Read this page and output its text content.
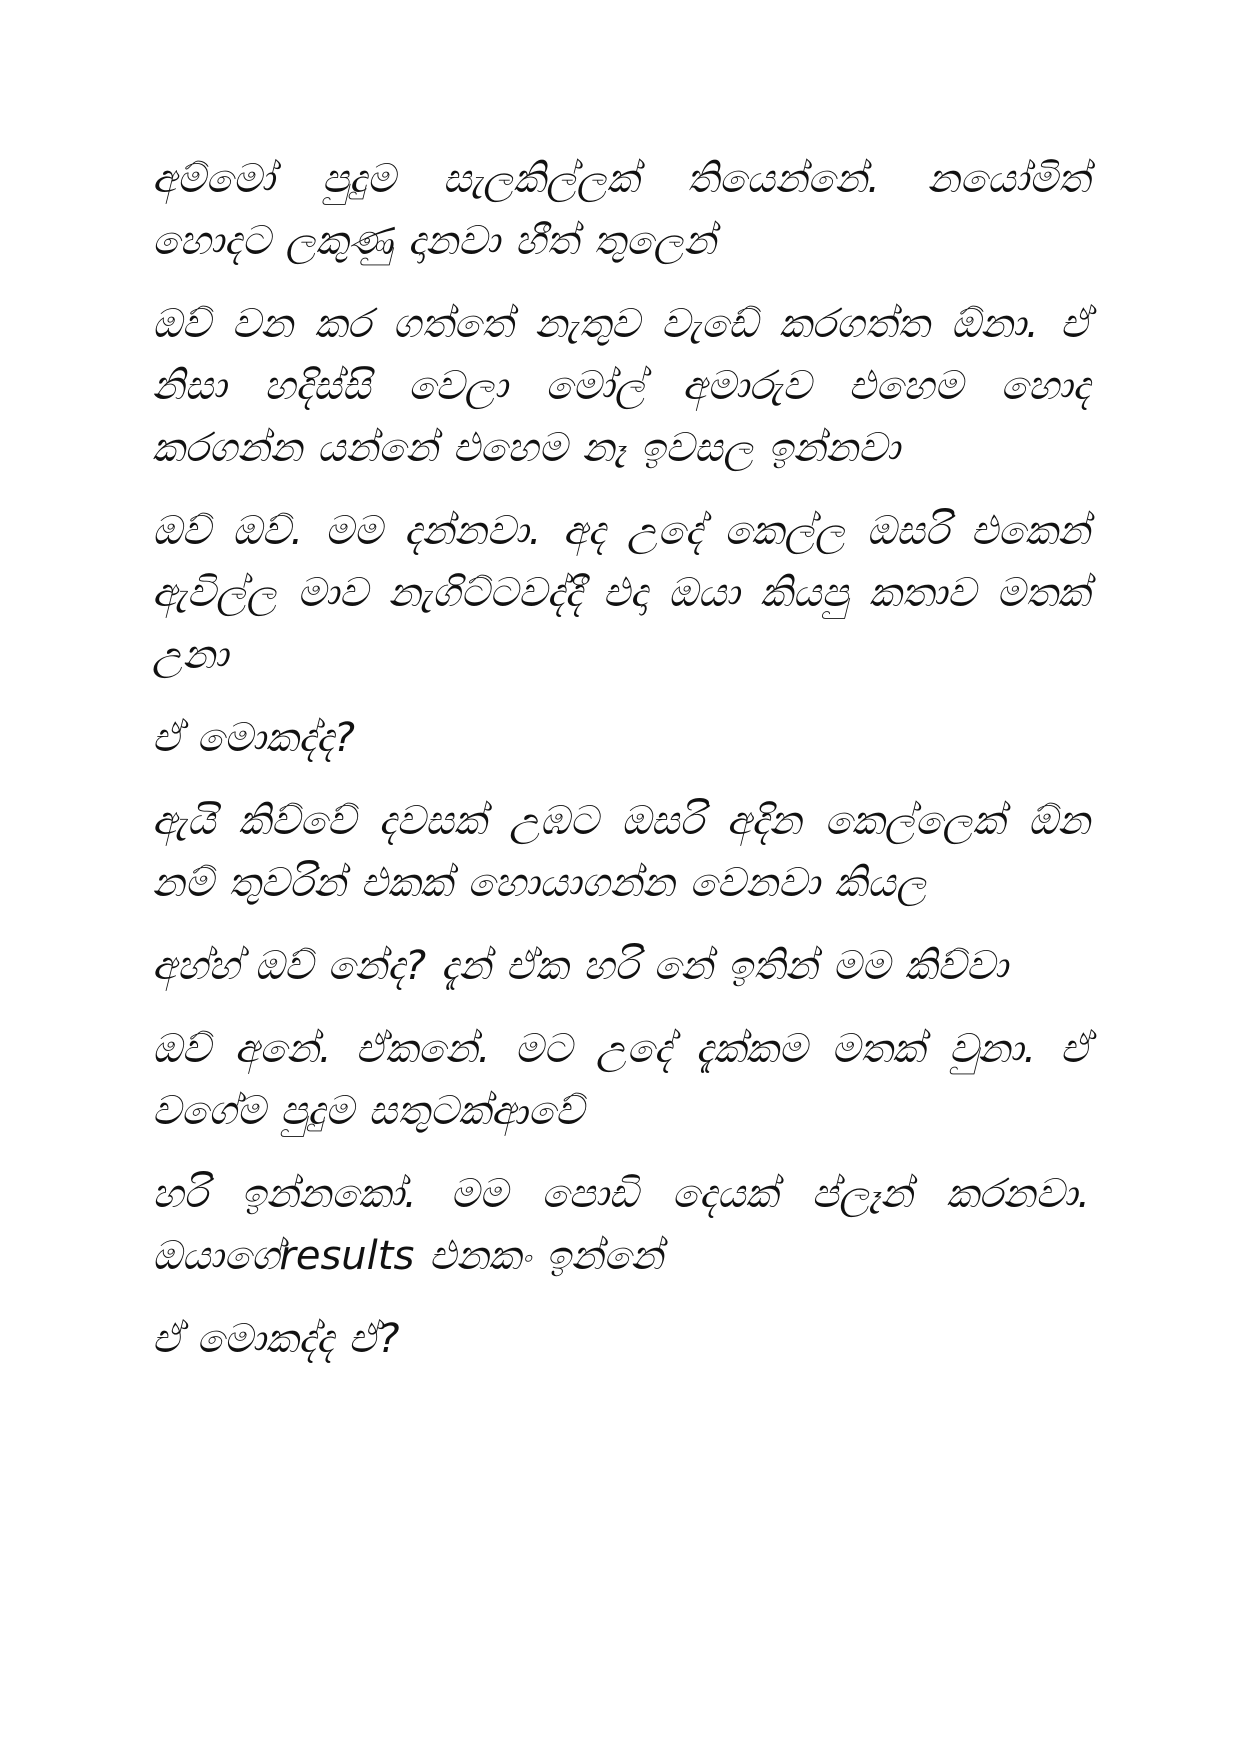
අම්මෝ පුදුම සැලකිල්ලක් තියෙන්නේ. නයෝමිත් හොදට ලකුණු දානවා හීත් තුලෙන්

ඔව් වන කර ගත්තේ නැතුව වැඩේ කරගත්ත ඕනා. ඒ නිසා හදිස්සි වෙලා මෝල් අමාරුව එහෙම හොද කරගන්න යන්නේ එහෙම නෑ ඉවසල ඉන්නවා

ඔව් ඔව්. මම දන්නවා. අද උදේ කෙල්ල ඔසරි එකෙන් ඇවිල්ල මාව නැගිට්ටවද්දී එදා ඔයා කියපු කතාව මතක් උනා

ඒ මොකද්ද?

ඇයි කිව්වේ දවසක් උඹට ඔසරි අදින කෙල්ලෙක් ඕන නම් තුවරින් එකක් හොයාගන්න වෙනවා කියල

අහ්හ් ඔව් නේද? දැන් ඒක හරි නේ ඉතින් මම කිව්වා

ඔව් අනේ. ඒකනේ. මට උදේ දැක්කම මතක් වුනා. ඒ වගේම පුදුම සතුටක්ආවේ

හරි ඉන්නකෝ. මම පොඩි දෙයක් ප්ලෑන් කරනවා. ඔයාගේresults එනකං ඉන්නේ

ඒ මොකද්ද ඒ?
